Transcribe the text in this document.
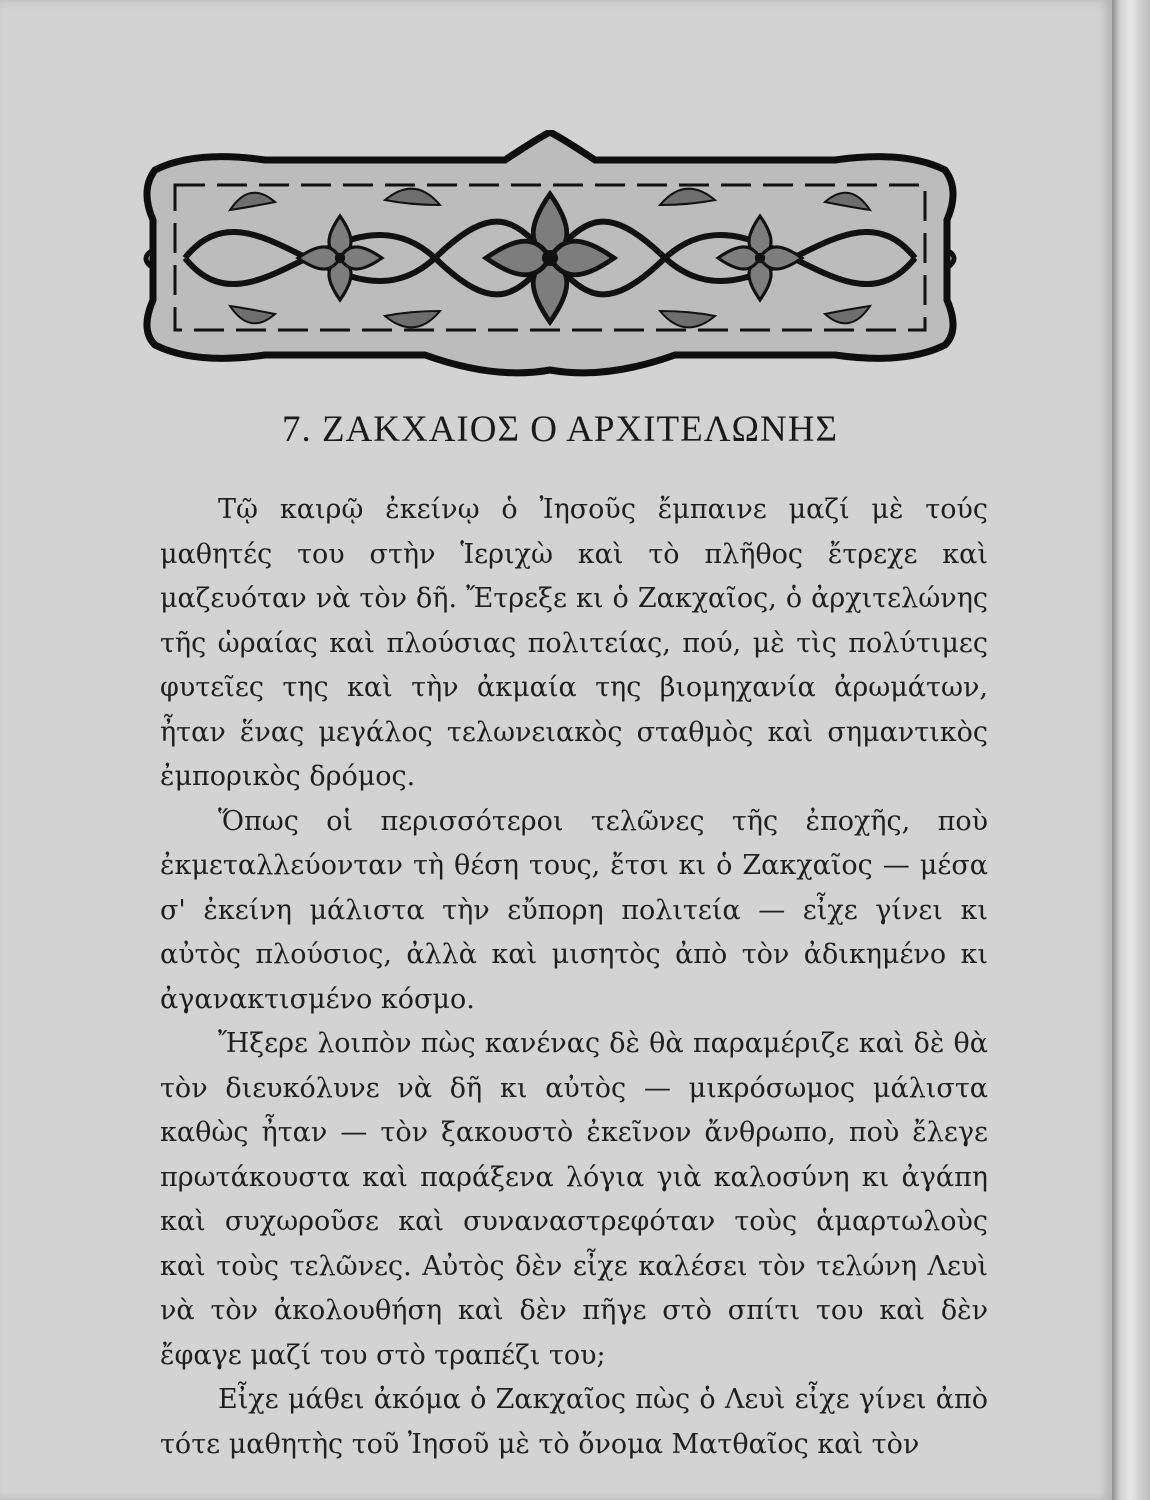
7. ΖΑΚΧΑΙΟΣ Ο ΑΡΧΙΤΕΛΩΝΗΣ

Τῷ καιρῷ ἐκείνῳ ὁ Ἰησοῦς ἔμπαινε μαζί μὲ τούς μαθητές του στὴν Ἱεριχὼ καὶ τὸ πλῆθος ἔτρεχε καὶ μαζευόταν νὰ τὸν δῆ. Ἔτρεξε κι ὁ Ζακχαῖος, ὁ ἀρχιτελώνης τῆς ὡραίας καὶ πλούσιας πολιτείας, πού, μὲ τὶς πολύτιμες φυτεῖες της καὶ τὴν ἀκμαία της βιομηχανία ἀρωμάτων, ἦταν ἕνας μεγάλος τελωνειακὸς σταθμὸς καὶ σημαντικὸς ἐμπορικὸς δρόμος.

Ὅπως οἱ περισσότεροι τελῶνες τῆς ἐποχῆς, ποὺ ἐκμεταλλεύονταν τὴ θέση τους, ἔτσι κι ὁ Ζακχαῖος — μέσα σ' ἐκείνη μάλιστα τὴν εὔπορη πολιτεία — εἶχε γίνει κι αὐτὸς πλούσιος, ἀλλὰ καὶ μισητὸς ἀπὸ τὸν ἀδικημένο κι ἀγανακτισμένο κόσμο.

Ἤξερε λοιπὸν πὼς κανένας δὲ θὰ παραμέριζε καὶ δὲ θὰ τὸν διευκόλυνε νὰ δῆ κι αὐτὸς — μικρόσωμος μάλιστα καθὼς ἦταν — τὸν ξακουστὸ ἐκεῖνον ἄνθρωπο, ποὺ ἔλεγε πρωτάκουστα καὶ παράξενα λόγια γιὰ καλοσύνη κι ἀγάπη καὶ συχωροῦσε καὶ συναναστρεφόταν τοὺς ἁμαρτωλοὺς καὶ τοὺς τελῶνες. Αὐτὸς δὲν εἶχε καλέσει τὸν τελώνη Λευὶ νὰ τὸν ἀκολουθήση καὶ δὲν πῆγε στὸ σπίτι του καὶ δὲν ἔφαγε μαζί του στὸ τραπέζι του;

Εἶχε μάθει ἀκόμα ὁ Ζακχαῖος πὼς ὁ Λευὶ εἶχε γίνει ἀπὸ τότε μαθητὴς τοῦ Ἰησοῦ μὲ τὸ ὄνομα Ματθαῖος καὶ τὸν
